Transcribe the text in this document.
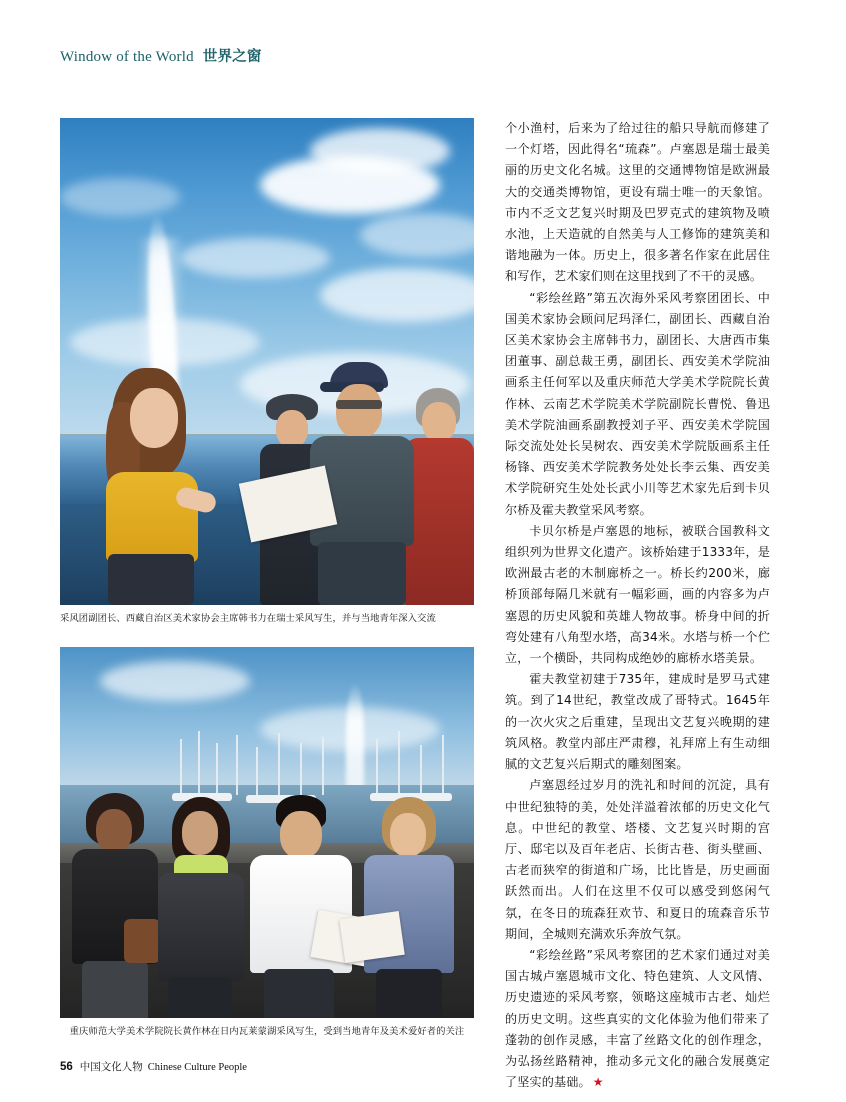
Window of the World 世界之窗
采风团副团长、西藏自治区美术家协会主席韩书力在瑞士采风写生，并与当地青年深入交流
重庆师范大学美术学院院长黄作林在日内瓦莱蒙湖采风写生，受到当地青年及美术爱好者的关注

个小渔村，后来为了给过往的船只导航而修建了一个灯塔，因此得名“琉森”。卢塞恩是瑞士最美丽的历史文化名城。这里的交通博物馆是欧洲最大的交通类博物馆，更设有瑞士唯一的天象馆。市内不乏文艺复兴时期及巴罗克式的建筑物及喷水池，上天造就的自然美与人工修饰的建筑美和谐地融为一体。历史上，很多著名作家在此居住和写作，艺术家们则在这里找到了不干的灵感。

“彩绘丝路”第五次海外采风考察团团长、中国美术家协会顾问尼玛泽仁，副团长、西藏自治区美术家协会主席韩书力，副团长、大唐西市集团董事、副总裁王勇，副团长、西安美术学院油画系主任何军以及重庆师范大学美术学院院长黄作林、云南艺术学院美术学院副院长曹悦、鲁迅美术学院油画系副教授刘子平、西安美术学院国际交流处处长吴树农、西安美术学院版画系主任杨锋、西安美术学院教务处处长李云集、西安美术学院研究生处处长武小川等艺术家先后到卡贝尔桥及霍夫教堂采风考察。

卡贝尔桥是卢塞恩的地标，被联合国教科文组织列为世界文化遗产。该桥始建于1333年，是欧洲最古老的木制廊桥之一。桥长约200米，廊桥顶部每隔几米就有一幅彩画，画的内容多为卢塞恩的历史风貌和英雄人物故事。桥身中间的折弯处建有八角型水塔，高34米。水塔与桥一个伫立，一个横卧，共同构成绝妙的廊桥水塔美景。

霍夫教堂初建于735年，建成时是罗马式建筑。到了14世纪，教堂改成了哥特式。1645年的一次火灾之后重建，呈现出文艺复兴晚期的建筑风格。教堂内部庄严肃穆，礼拜席上有生动细腻的文艺复兴后期式的雕刻图案。

卢塞恩经过岁月的洗礼和时间的沉淀，具有中世纪独特的美，处处洋溢着浓郁的历史文化气息。中世纪的教堂、塔楼、文艺复兴时期的宫厅、邸宅以及百年老店、长街古巷、街头壁画、古老而狭窄的街道和广场，比比皆是，历史画面跃然而出。人们在这里不仅可以感受到悠闲气氛，在冬日的琉森狂欢节、和夏日的琉森音乐节期间，全城则充满欢乐奔放气氛。

“彩绘丝路”采风考察团的艺术家们通过对美国古城卢塞恩城市文化、特色建筑、人文风情、历史遗迹的采风考察，领略这座城市古老、灿烂的历史文明。这些真实的文化体验为他们带来了蓬勃的创作灵感，丰富了丝路文化的创作理念，为弘扬丝路精神，推动多元文化的融合发展奠定了坚实的基础。 ★

56 中国文化人物 Chinese Culture People
